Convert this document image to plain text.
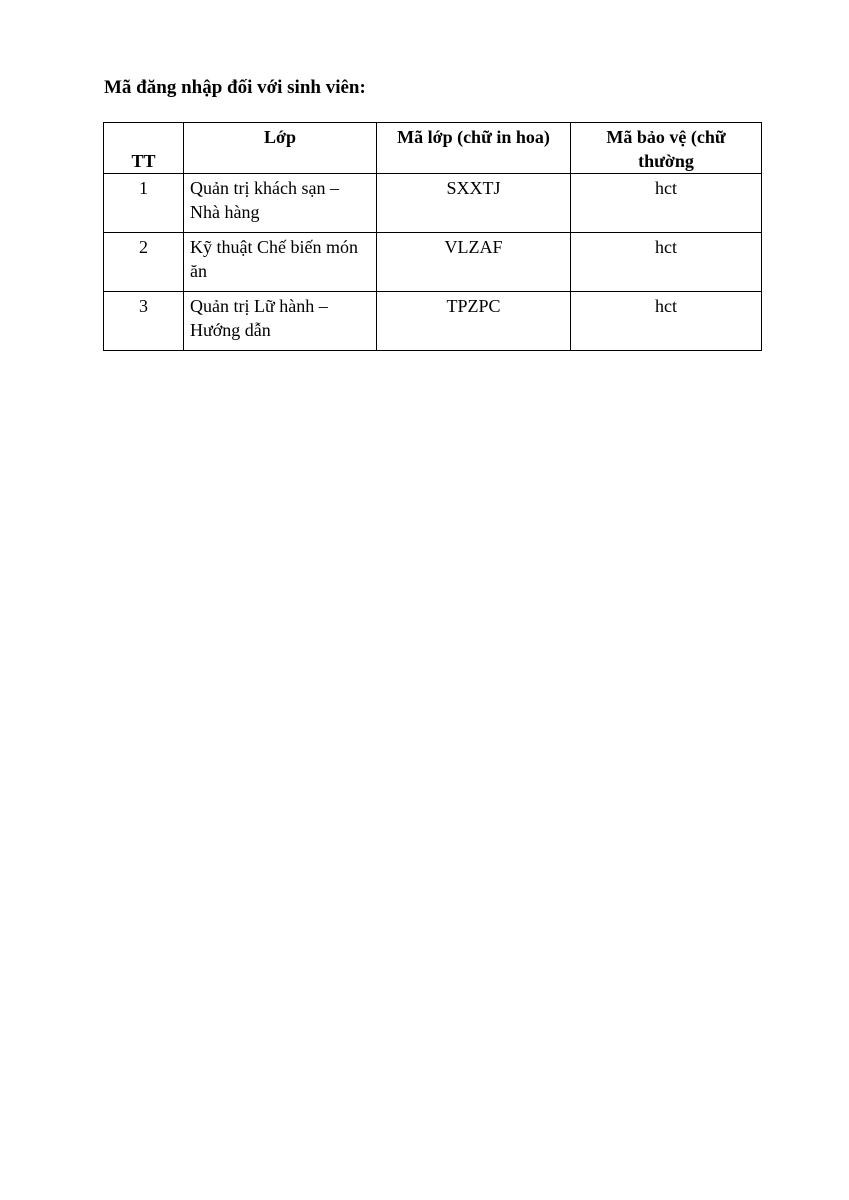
Mã đăng nhập đối với sinh viên:

TT	Lớp	Mã lớp (chữ in hoa)	Mã bảo vệ (chữ thường
1	Quản trị khách sạn – Nhà hàng	SXXTJ	hct
2	Kỹ thuật Chế biến món ăn	VLZAF	hct
3	Quản trị Lữ hành – Hướng dẫn	TPZPC	hct
